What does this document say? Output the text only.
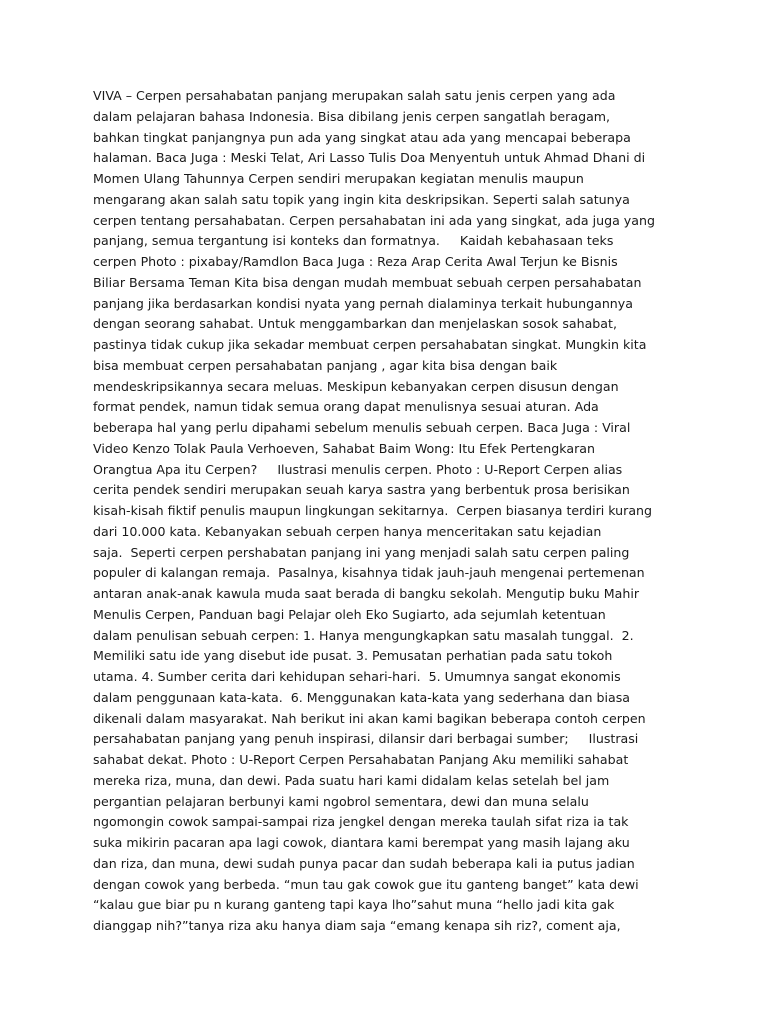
VIVA – Cerpen persahabatan panjang merupakan salah satu jenis cerpen yang ada
dalam pelajaran bahasa Indonesia. Bisa dibilang jenis cerpen sangatlah beragam,
bahkan tingkat panjangnya pun ada yang singkat atau ada yang mencapai beberapa
halaman. Baca Juga : Meski Telat, Ari Lasso Tulis Doa Menyentuh untuk Ahmad Dhani di
Momen Ulang Tahunnya Cerpen sendiri merupakan kegiatan menulis maupun
mengarang akan salah satu topik yang ingin kita deskripsikan. Seperti salah satunya
cerpen tentang persahabatan. Cerpen persahabatan ini ada yang singkat, ada juga yang
panjang, semua tergantung isi konteks dan formatnya.     Kaidah kebahasaan teks
cerpen Photo : pixabay/Ramdlon Baca Juga : Reza Arap Cerita Awal Terjun ke Bisnis
Biliar Bersama Teman Kita bisa dengan mudah membuat sebuah cerpen persahabatan
panjang jika berdasarkan kondisi nyata yang pernah dialaminya terkait hubungannya
dengan seorang sahabat. Untuk menggambarkan dan menjelaskan sosok sahabat,
pastinya tidak cukup jika sekadar membuat cerpen persahabatan singkat. Mungkin kita
bisa membuat cerpen persahabatan panjang , agar kita bisa dengan baik
mendeskripsikannya secara meluas. Meskipun kebanyakan cerpen disusun dengan
format pendek, namun tidak semua orang dapat menulisnya sesuai aturan. Ada
beberapa hal yang perlu dipahami sebelum menulis sebuah cerpen. Baca Juga : Viral
Video Kenzo Tolak Paula Verhoeven, Sahabat Baim Wong: Itu Efek Pertengkaran
Orangtua Apa itu Cerpen?     Ilustrasi menulis cerpen. Photo : U-Report Cerpen alias
cerita pendek sendiri merupakan seuah karya sastra yang berbentuk prosa berisikan
kisah-kisah fiktif penulis maupun lingkungan sekitarnya.  Cerpen biasanya terdiri kurang
dari 10.000 kata. Kebanyakan sebuah cerpen hanya menceritakan satu kejadian
saja.  Seperti cerpen pershabatan panjang ini yang menjadi salah satu cerpen paling
populer di kalangan remaja.  Pasalnya, kisahnya tidak jauh-jauh mengenai pertemenan
antaran anak-anak kawula muda saat berada di bangku sekolah. Mengutip buku Mahir
Menulis Cerpen, Panduan bagi Pelajar oleh Eko Sugiarto, ada sejumlah ketentuan
dalam penulisan sebuah cerpen: 1. Hanya mengungkapkan satu masalah tunggal.  2.
Memiliki satu ide yang disebut ide pusat. 3. Pemusatan perhatian pada satu tokoh
utama. 4. Sumber cerita dari kehidupan sehari-hari.  5. Umumnya sangat ekonomis
dalam penggunaan kata-kata.  6. Menggunakan kata-kata yang sederhana dan biasa
dikenali dalam masyarakat. Nah berikut ini akan kami bagikan beberapa contoh cerpen
persahabatan panjang yang penuh inspirasi, dilansir dari berbagai sumber;     Ilustrasi
sahabat dekat. Photo : U-Report Cerpen Persahabatan Panjang Aku memiliki sahabat
mereka riza, muna, dan dewi. Pada suatu hari kami didalam kelas setelah bel jam
pergantian pelajaran berbunyi kami ngobrol sementara, dewi dan muna selalu
ngomongin cowok sampai-sampai riza jengkel dengan mereka taulah sifat riza ia tak
suka mikirin pacaran apa lagi cowok, diantara kami berempat yang masih lajang aku
dan riza, dan muna, dewi sudah punya pacar dan sudah beberapa kali ia putus jadian
dengan cowok yang berbeda. “mun tau gak cowok gue itu ganteng banget” kata dewi
“kalau gue biar pu n kurang ganteng tapi kaya lho”sahut muna “hello jadi kita gak
dianggap nih?”tanya riza aku hanya diam saja “emang kenapa sih riz?, coment aja,
